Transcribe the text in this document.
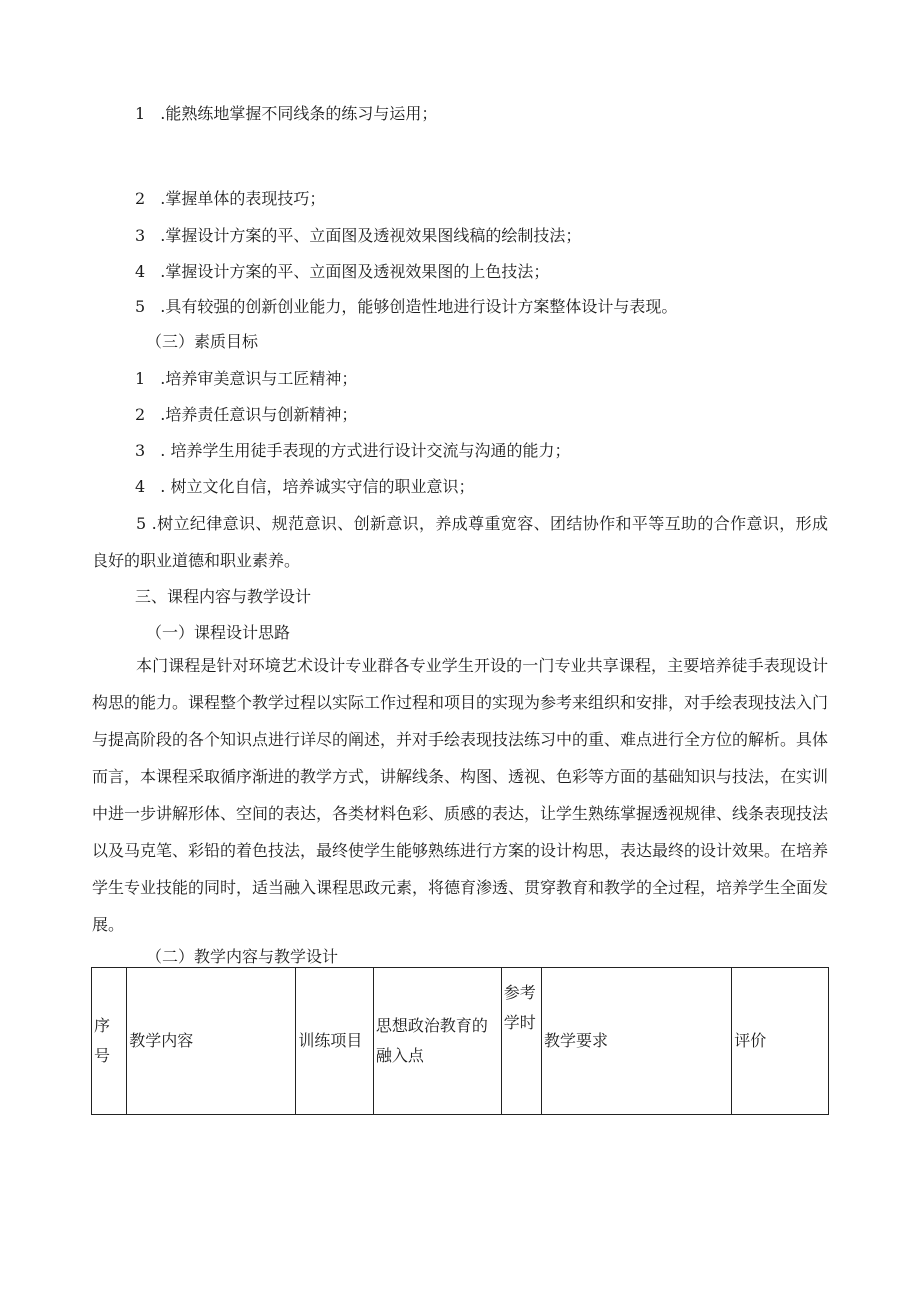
1 .能熟练地掌握不同线条的练习与运用；

2 .掌握单体的表现技巧；

3 .掌握设计方案的平、立面图及透视效果图线稿的绘制技法；

4 .掌握设计方案的平、立面图及透视效果图的上色技法；

5 .具有较强的创新创业能力，能够创造性地进行设计方案整体设计与表现。

（三）素质目标

1 .培养审美意识与工匠精神；

2 .培养责任意识与创新精神；

3 . 培养学生用徒手表现的方式进行设计交流与沟通的能力；

4 . 树立文化自信，培养诚实守信的职业意识；

5 .树立纪律意识、规范意识、创新意识，养成尊重宽容、团结协作和平等互助的合作意识，形成良好的职业道德和职业素养。

三、课程内容与教学设计

（一）课程设计思路

本门课程是针对环境艺术设计专业群各专业学生开设的一门专业共享课程，主要培养徒手表现设计构思的能力。课程整个教学过程以实际工作过程和项目的实现为参考来组织和安排，对手绘表现技法入门与提高阶段的各个知识点进行详尽的阐述，并对手绘表现技法练习中的重、难点进行全方位的解析。具体而言，本课程采取循序渐进的教学方式，讲解线条、构图、透视、色彩等方面的基础知识与技法，在实训中进一步讲解形体、空间的表达，各类材料色彩、质感的表达，让学生熟练掌握透视规律、线条表现技法以及马克笔、彩铅的着色技法，最终使学生能够熟练进行方案的设计构思，表达最终的设计效果。在培养学生专业技能的同时，适当融入课程思政元素，将德育渗透、贯穿教育和教学的全过程，培养学生全面发展。

（二）教学内容与教学设计

序号	教学内容	训练项目	思想政治教育的融入点	参考学时	教学要求	评价
